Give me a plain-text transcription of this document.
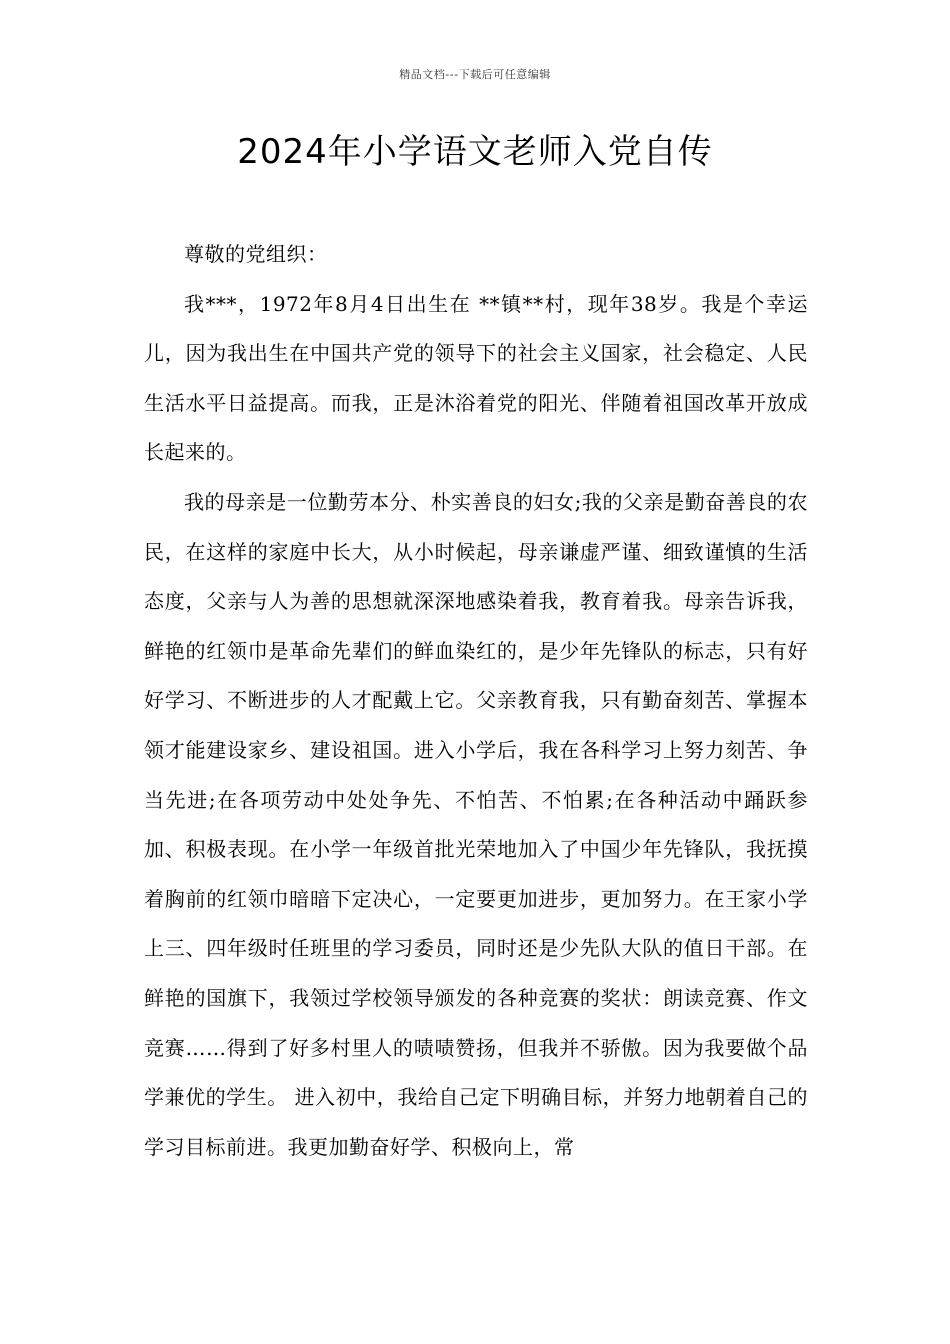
精品文档---下载后可任意编辑
2024年小学语文老师入党自传

尊敬的党组织：

我***，1972年8月4日出生在 **镇**村，现年38岁。我是个幸运儿，因为我出生在中国共产党的领导下的社会主义国家，社会稳定、人民生活水平日益提高。而我，正是沐浴着党的阳光、伴随着祖国改革开放成长起来的。

我的母亲是一位勤劳本分、朴实善良的妇女;我的父亲是勤奋善良的农民，在这样的家庭中长大，从小时候起，母亲谦虚严谨、细致谨慎的生活态度，父亲与人为善的思想就深深地感染着我，教育着我。母亲告诉我，鲜艳的红领巾是革命先辈们的鲜血染红的，是少年先锋队的标志，只有好好学习、不断进步的人才配戴上它。父亲教育我，只有勤奋刻苦、掌握本领才能建设家乡、建设祖国。进入小学后，我在各科学习上努力刻苦、争当先进;在各项劳动中处处争先、不怕苦、不怕累;在各种活动中踊跃参加、积极表现。在小学一年级首批光荣地加入了中国少年先锋队，我抚摸着胸前的红领巾暗暗下定决心，一定要更加进步，更加努力。在王家小学上三、四年级时任班里的学习委员，同时还是少先队大队的值日干部。在鲜艳的国旗下，我领过学校领导颁发的各种竞赛的奖状：朗读竞赛、作文竞赛……得到了好多村里人的啧啧赞扬，但我并不骄傲。因为我要做个品学兼优的学生。 进入初中，我给自己定下明确目标，并努力地朝着自己的学习目标前进。我更加勤奋好学、积极向上，常
